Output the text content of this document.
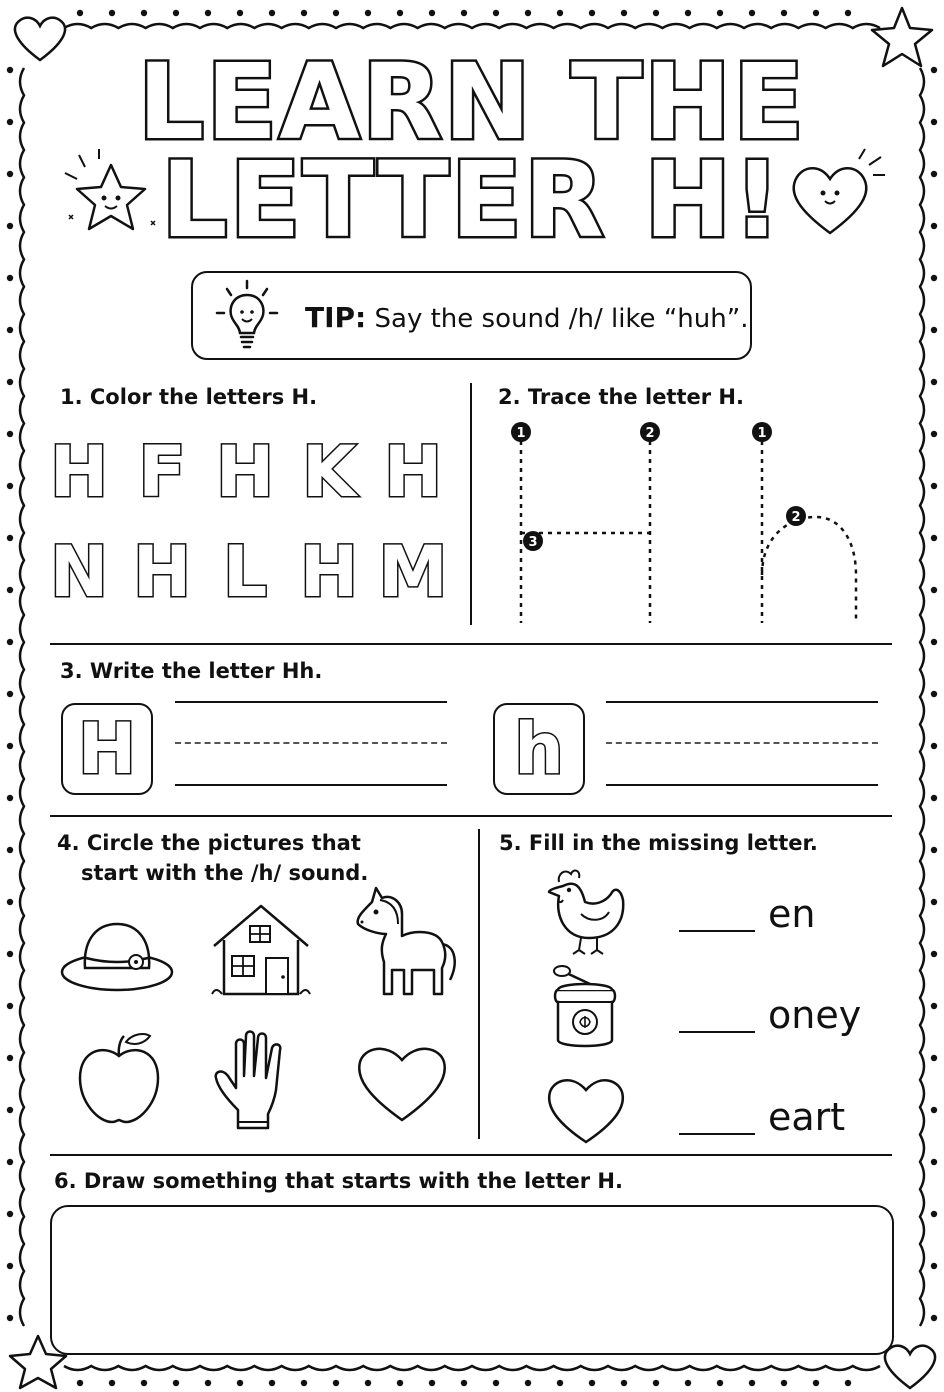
LEARN THE
LETTER H!
TIP: Say the sound /h/ like “huh”.
1. Color the letters H.
H F H K H
N H L H M
2. Trace the letter H.
1	2	1
2
3
3. Write the letter Hh.
H	h
4. Circle the pictures that
start with the /h/ sound.
5. Fill in the missing letter.
en
oney
eart
6. Draw something that starts with the letter H.
